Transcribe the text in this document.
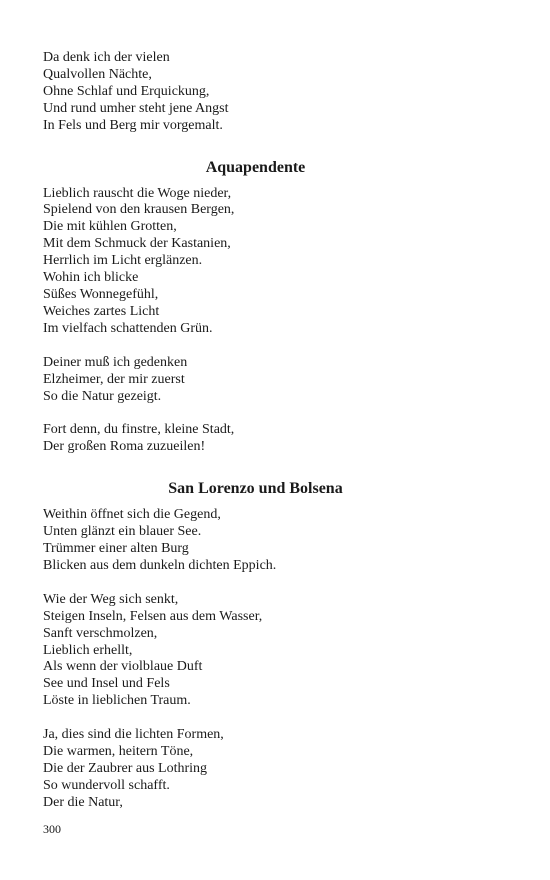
Da denk ich der vielen
Qualvollen Nächte,
Ohne Schlaf und Erquickung,
Und rund umher steht jene Angst
In Fels und Berg mir vorgemalt.
Aquapendente
Lieblich rauscht die Woge nieder,
Spielend von den krausen Bergen,
Die mit kühlen Grotten,
Mit dem Schmuck der Kastanien,
Herrlich im Licht erglänzen.
Wohin ich blicke
Süßes Wonnegefühl,
Weiches zartes Licht
Im vielfach schattenden Grün.
Deiner muß ich gedenken
Elzheimer, der mir zuerst
So die Natur gezeigt.
Fort denn, du finstre, kleine Stadt,
Der großen Roma zuzueilen!
San Lorenzo und Bolsena
Weithin öffnet sich die Gegend,
Unten glänzt ein blauer See.
Trümmer einer alten Burg
Blicken aus dem dunkeln dichten Eppich.
Wie der Weg sich senkt,
Steigen Inseln, Felsen aus dem Wasser,
Sanft verschmolzen,
Lieblich erhellt,
Als wenn der violblaue Duft
See und Insel und Fels
Löste in lieblichen Traum.
Ja, dies sind die lichten Formen,
Die warmen, heitern Töne,
Die der Zaubrer aus Lothring
So wundervoll schafft.
Der die Natur,
300
